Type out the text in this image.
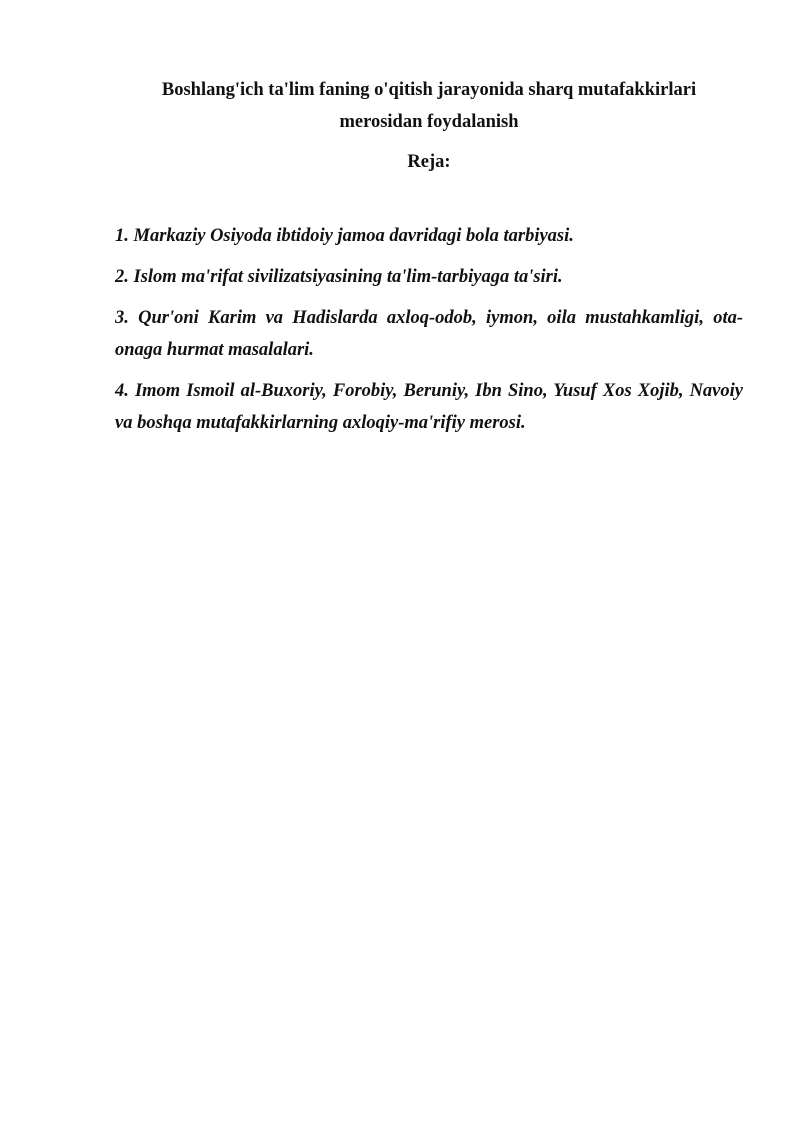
Boshlang'ich ta'lim faning o'qitish jarayonida sharq mutafakkirlari
merosidan foydalanish
Reja:
1. Markaziy Osiyoda ibtidoiy jamoa davridagi bola tarbiyasi.
2. Islom ma'rifat sivilizatsiyasining ta'lim-tarbiyaga ta'siri.
3. Qur'oni Karim va Hadislarda axloq-odob, iymon, oila mustahkamligi, ota-onaga hurmat masalalari.
4. Imom Ismoil al-Buxoriy, Forobiy, Beruniy, Ibn Sino, Yusuf Xos Xojib, Navoiy va boshqa mutafakkirlarning axloqiy-ma'rifiy merosi.
